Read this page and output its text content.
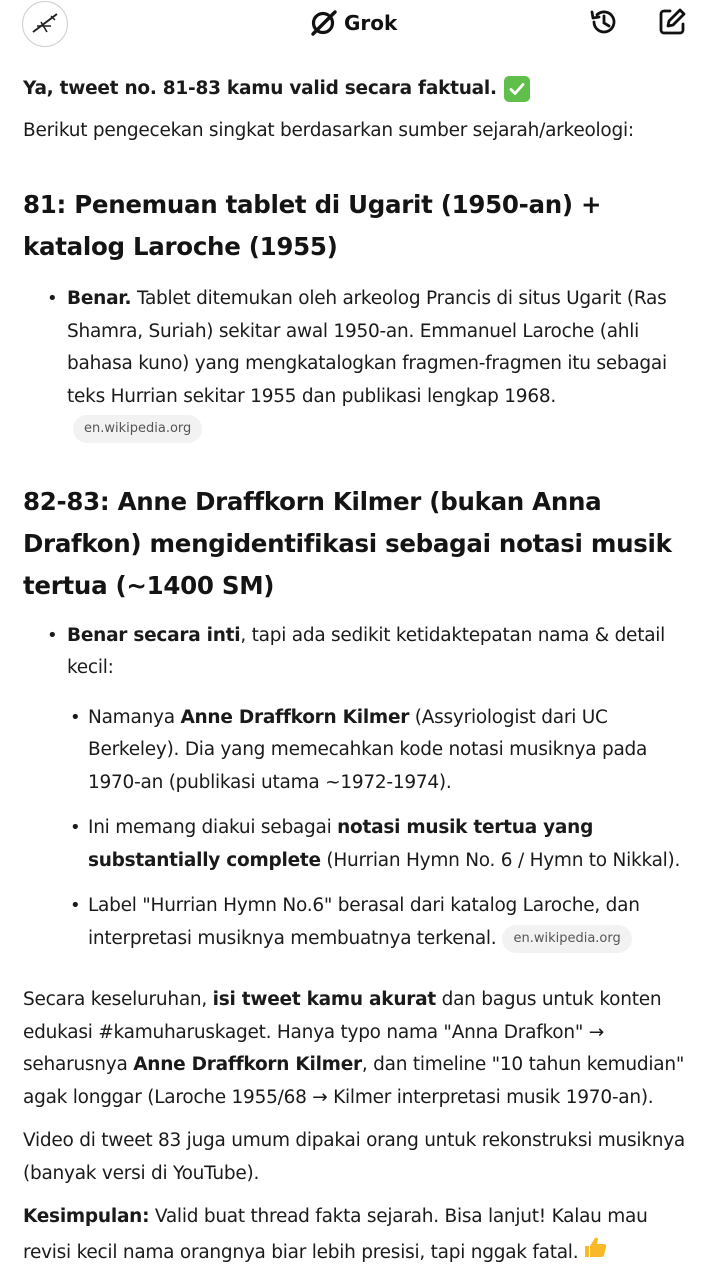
Grok

Ya, tweet no. 81-83 kamu valid secara faktual.

Berikut pengecekan singkat berdasarkan sumber sejarah/arkeologi:

81: Penemuan tablet di Ugarit (1950-an) + katalog Laroche (1955)
• Benar. Tablet ditemukan oleh arkeolog Prancis di situs Ugarit (Ras Shamra, Suriah) sekitar awal 1950-an. Emmanuel Laroche (ahli bahasa kuno) yang mengkatalogkan fragmen-fragmen itu sebagai teks Hurrian sekitar 1955 dan publikasi lengkap 1968.en.wikipedia.org
82-83: Anne Draffkorn Kilmer (bukan Anna Drafkon) mengidentifikasi sebagai notasi musik tertua (~1400 SM)
• Benar secara inti, tapi ada sedikit ketidaktepatan nama & detail kecil:
• Namanya Anne Draffkorn Kilmer (Assyriologist dari UC Berkeley). Dia yang memecahkan kode notasi musiknya pada 1970-an (publikasi utama ~1972-1974).
• Ini memang diakui sebagai notasi musik tertua yang substantially complete (Hurrian Hymn No. 6 / Hymn to Nikkal).
• Label "Hurrian Hymn No.6" berasal dari katalog Laroche, dan interpretasi musiknya membuatnya terkenal. en.wikipedia.org

Secara keseluruhan, isi tweet kamu akurat dan bagus untuk konten edukasi #kamuharuskaget. Hanya typo nama "Anna Drafkon" → seharusnya Anne Draffkorn Kilmer, dan timeline "10 tahun kemudian" agak longgar (Laroche 1955/68 → Kilmer interpretasi musik 1970-an).

Video di tweet 83 juga umum dipakai orang untuk rekonstruksi musiknya (banyak versi di YouTube).

Kesimpulan: Valid buat thread fakta sejarah. Bisa lanjut! Kalau mau revisi kecil nama orangnya biar lebih presisi, tapi nggak fatal.
